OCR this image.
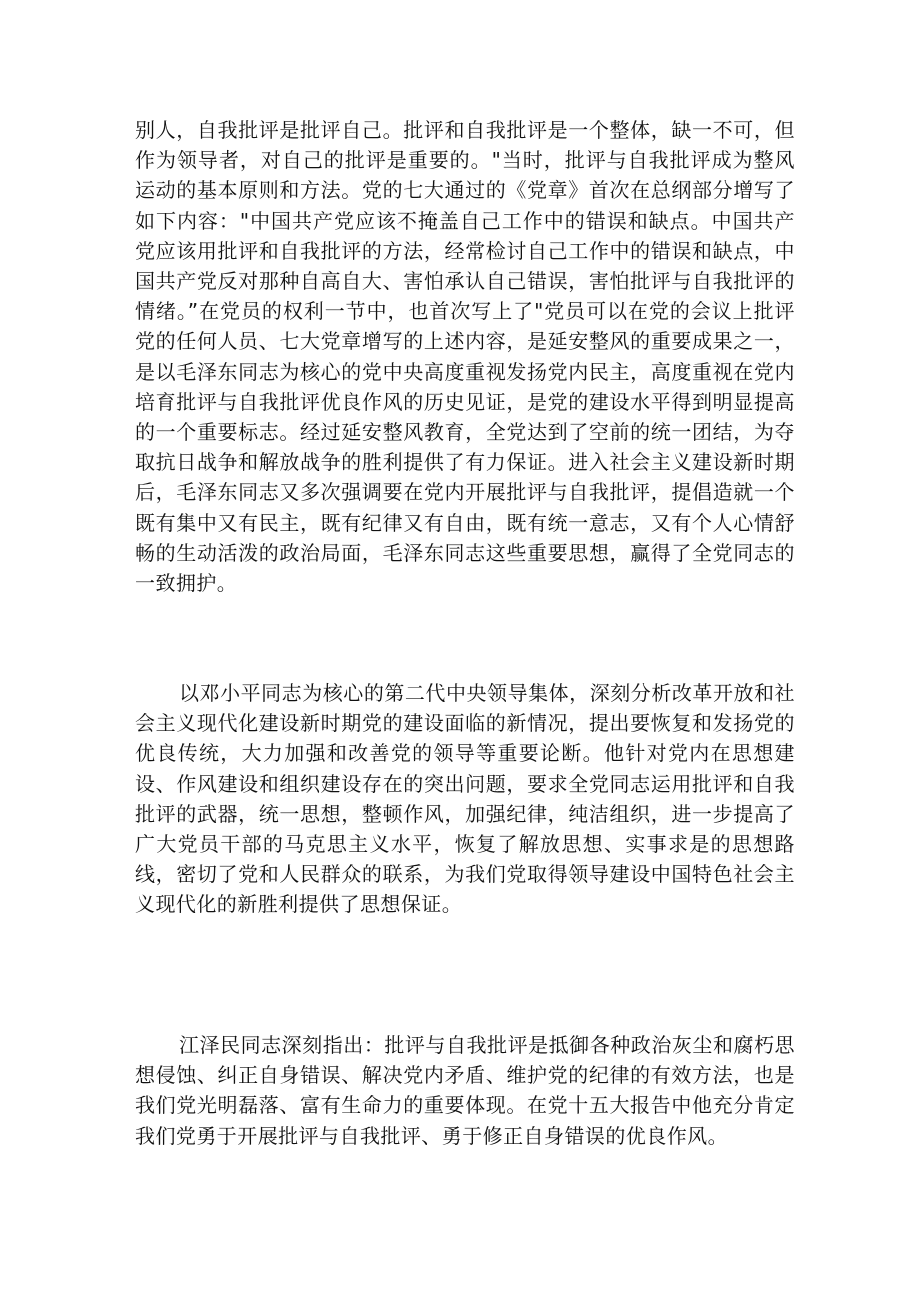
别人，自我批评是批评自己。批评和自我批评是一个整体，缺一不可，但作为领导者，对自己的批评是重要的。"当时，批评与自我批评成为整风运动的基本原则和方法。党的七大通过的《党章》首次在总纲部分增写了如下内容："中国共产党应该不掩盖自己工作中的错误和缺点。中国共产党应该用批评和自我批评的方法，经常检讨自己工作中的错误和缺点，中国共产党反对那种自高自大、害怕承认自己错误，害怕批评与自我批评的情绪。”在党员的权利一节中，也首次写上了"党员可以在党的会议上批评党的任何人员、七大党章增写的上述内容，是延安整风的重要成果之一，是以毛泽东同志为核心的党中央高度重视发扬党内民主，高度重视在党内培育批评与自我批评优良作风的历史见证，是党的建设水平得到明显提高的一个重要标志。经过延安整风教育，全党达到了空前的统一团结，为夺取抗日战争和解放战争的胜利提供了有力保证。进入社会主义建设新时期后，毛泽东同志又多次强调要在党内开展批评与自我批评，提倡造就一个既有集中又有民主，既有纪律又有自由，既有统一意志，又有个人心情舒畅的生动活泼的政治局面，毛泽东同志这些重要思想，赢得了全党同志的一致拥护。

以邓小平同志为核心的第二代中央领导集体，深刻分析改革开放和社会主义现代化建设新时期党的建设面临的新情况，提出要恢复和发扬党的优良传统，大力加强和改善党的领导等重要论断。他针对党内在思想建设、作风建设和组织建设存在的突出问题，要求全党同志运用批评和自我批评的武器，统一思想，整顿作风，加强纪律，纯洁组织，进一步提高了广大党员干部的马克思主义水平，恢复了解放思想、实事求是的思想路线，密切了党和人民群众的联系，为我们党取得领导建设中国特色社会主义现代化的新胜利提供了思想保证。

江泽民同志深刻指出：批评与自我批评是抵御各种政治灰尘和腐朽思想侵蚀、纠正自身错误、解决党内矛盾、维护党的纪律的有效方法，也是我们党光明磊落、富有生命力的重要体现。在党十五大报告中他充分肯定我们党勇于开展批评与自我批评、勇于修正自身错误的优良作风。
